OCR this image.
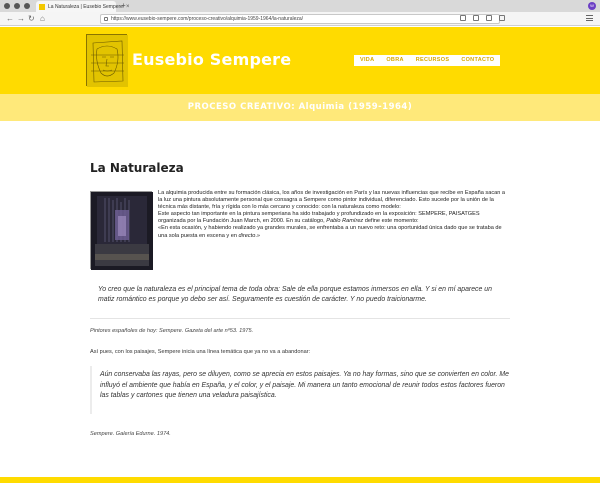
La Naturaleza | Eusebio Sempere ×
+	W
← → ↻ ⌂	https://www.eusebio-sempere.com/proceso-creativo/alquimia-1959-1964/la-naturaleza/
Eusebio Sempere	VIDA	OBRA	RECURSOS	CONTACTO
PROCESO CREATIVO: Alquimia (1959-1964)
La Naturaleza

La alquimia producida entre su formación clásica, los años de investigación en París y las nuevas influencias que recibe en España sacan a la luz una pintura absolutamente personal que consagra a Sempere como pintor individual, diferenciado. Esto sucede por la unión de la técnica más distante, fría y rígida con lo más cercano y conocido: con la naturaleza como modelo:

Este aspecto tan importante en la pintura semperiana ha sido trabajado y profundizado en la exposición: SEMPERE, PAISATGES organizada por la Fundación Juan March, en 2000. En su catálogo, Pablo Ramírez define este momento:

«En esta ocasión, y habiendo realizado ya grandes murales, se enfrentaba a un nuevo reto: una oportunidad única dado que se trataba de una sola puesta en escena y en directo.»

Yo creo que la naturaleza es el principal tema de toda obra: Sale de ella porque estamos inmersos en ella. Y si en mí aparece un matiz romántico es porque yo debo ser así. Seguramente es cuestión de carácter. Y no puedo traicionarme.

Pintores españoles de hoy: Sempere. Gazeta del arte nº53. 1975.

Así pues, con los paisajes, Sempere inicia una línea temática que ya no va a abandonar:

Aún conservaba las rayas, pero se diluyen, como se aprecia en estos paisajes. Ya no hay formas, sino que se convierten en color. Me influyó el ambiente que había en España, y el color, y el paisaje. Mi manera un tanto emocional de reunir todos estos factores fueron las tablas y cartones que tienen una veladura paisajística.

Sempere. Galería Edurne. 1974.
